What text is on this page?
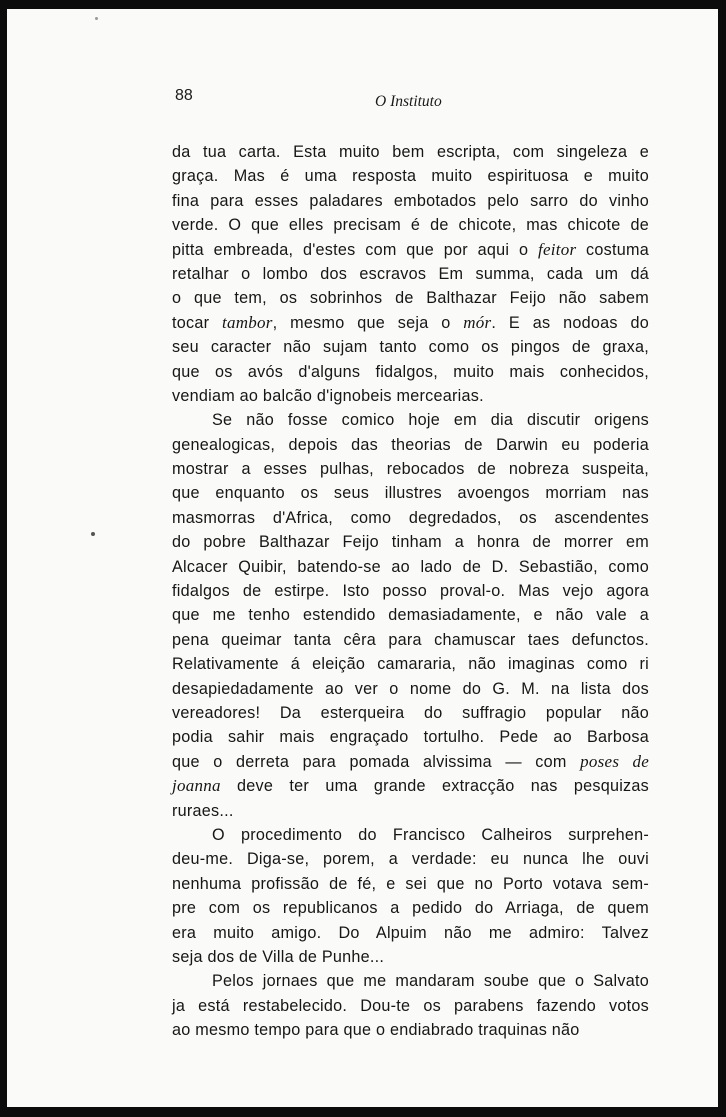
88	O Instituto
da tua carta. Esta muito bem escripta, com singeleza e
graça. Mas é uma resposta muito espirituosa e muito
fina para esses paladares embotados pelo sarro do vinho
verde. O que elles precisam é de chicote, mas chicote de
pitta embreada, d'estes com que por aqui o feitor costuma
retalhar o lombo dos escravos Em summa, cada um dá
o que tem, os sobrinhos de Balthazar Feijo não sabem
tocar tambor, mesmo que seja o mór. E as nodoas do
seu caracter não sujam tanto como os pingos de graxa,
que os avós d'alguns fidalgos, muito mais conhecidos,
vendiam ao balcão d'ignobeis mercearias.
Se não fosse comico hoje em dia discutir origens
genealogicas, depois das theorias de Darwin eu poderia
mostrar a esses pulhas, rebocados de nobreza suspeita,
que enquanto os seus illustres avoengos morriam nas
masmorras d'Africa, como degredados, os ascendentes
do pobre Balthazar Feijo tinham a honra de morrer em
Alcacer Quibir, batendo-se ao lado de D. Sebastião, como
fidalgos de estirpe. Isto posso proval-o. Mas vejo agora
que me tenho estendido demasiadamente, e não vale a
pena queimar tanta cêra para chamuscar taes defunctos.
Relativamente á eleição camararia, não imaginas como ri
desapiedadamente ao ver o nome do G. M. na lista dos
vereadores! Da esterqueira do suffragio popular não
podia sahir mais engraçado tortulho. Pede ao Barbosa
que o derreta para pomada alvissima — com poses de
joanna deve ter uma grande extracção nas pesquizas
ruraes...
O procedimento do Francisco Calheiros surprehen-
deu-me. Diga-se, porem, a verdade: eu nunca lhe ouvi
nenhuma profissão de fé, e sei que no Porto votava sem-
pre com os republicanos a pedido do Arriaga, de quem
era muito amigo. Do Alpuim não me admiro: Talvez
seja dos de Villa de Punhe...
Pelos jornaes que me mandaram soube que o Salvato
ja está restabelecido. Dou-te os parabens fazendo votos
ao mesmo tempo para que o endiabrado traquinas não
